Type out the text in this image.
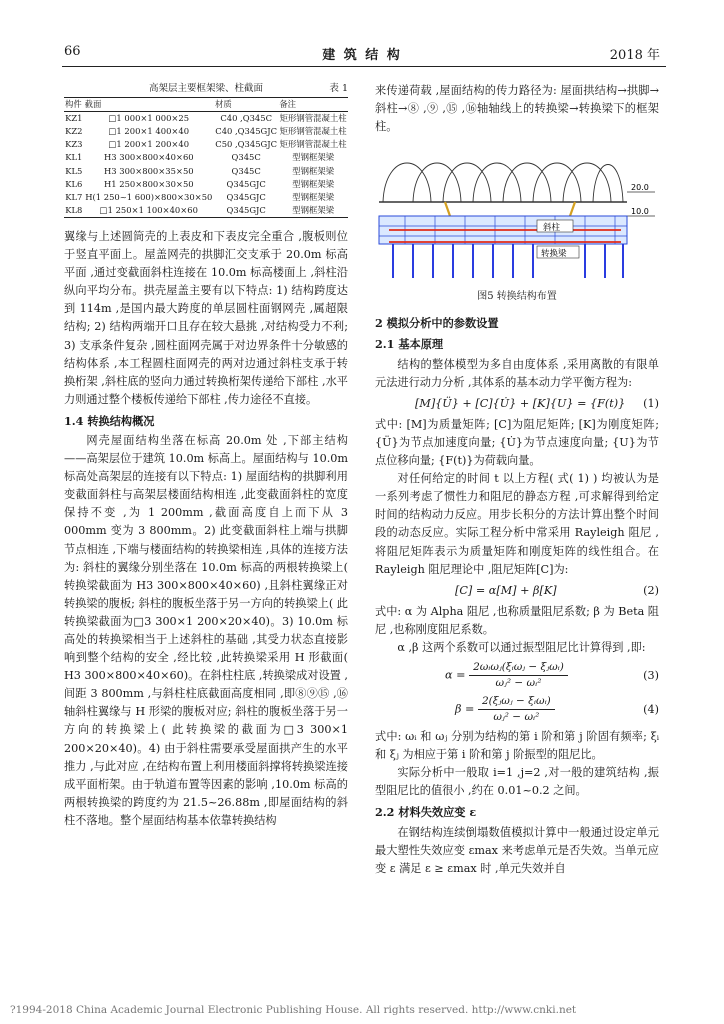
66	建 筑 结 构	2018 年
高架层主要框架梁、柱截面	表 1
构件	截面	材质	备注
KZ1	□1 000×1 000×25	C40 ,Q345C	矩形钢管混凝土柱
KZ2	□1 200×1 400×40	C40 ,Q345GJC	矩形钢管混凝土柱
KZ3	□1 200×1 200×40	C50 ,Q345GJC	矩形钢管混凝土柱
KL1	H3 300×800×40×60	Q345C	型钢框架梁
KL5	H3 300×800×35×50	Q345C	型钢框架梁
KL6	H1 250×800×30×50	Q345GJC	型钢框架梁
KL7	H(1 250~1 600)×800×30×50	Q345GJC	型钢框架梁
KL8	□1 250×1 100×40×60	Q345GJC	型钢框架梁

翼缘与上述圆筒壳的上表皮和下表皮完全重合 ,腹板则位于竖直平面上。屋盖网壳的拱脚汇交支承于 20.0m 标高平面 ,通过变截面斜柱连接在 10.0m 标高楼面上 ,斜柱沿纵向平均分布。拱壳屋盖主要有以下特点: 1) 结构跨度达到 114m ,是国内最大跨度的单层圆柱面钢网壳 ,属超限结构; 2) 结构两端开口且存在较大悬挑 ,对结构受力不利; 3) 支承条件复杂 ,圆柱面网壳属于对边界条件十分敏感的结构体系 ,本工程圆柱面网壳的两对边通过斜柱支承于转换桁架 ,斜柱底的竖向力通过转换桁架传递给下部柱 ,水平力则通过整个楼板传递给下部柱 ,传力途径不直接。

1.4 转换结构概况

网壳屋面结构坐落在标高 20.0m 处 ,下部主结构——高架层位于建筑 10.0m 标高上。屋面结构与 10.0m 标高处高架层的连接有以下特点: 1) 屋面结构的拱脚利用变截面斜柱与高架层楼面结构相连 ,此变截面斜柱的宽度保持不变 ,为 1 200mm ,截面高度自上而下从 3 000mm 变为 3 800mm。2) 此变截面斜柱上端与拱脚节点相连 ,下端与楼面结构的转换梁相连 ,具体的连接方法为: 斜柱的翼缘分别坐落在 10.0m 标高的两根转换梁上( 转换梁截面为 H3 300×800×40×60) ,且斜柱翼缘正对转换梁的腹板; 斜柱的腹板坐落于另一方向的转换梁上( 此转换梁截面为□3 300×1 200×20×40)。3) 10.0m 标高处的转换梁相当于上述斜柱的基础 ,其受力状态直接影响到整个结构的安全 ,经比较 ,此转换梁采用 H 形截面( H3 300×800×40×60)。在斜柱柱底 ,转换梁成对设置 ,间距 3 800mm ,与斜柱柱底截面高度相同 ,即⑧⑨⑮ ,⑯轴斜柱翼缘与 H 形梁的腹板对应; 斜柱的腹板坐落于另一方向的转换梁上( 此转换梁的截面为□3 300×1 200×20×40)。4) 由于斜柱需要承受屋面拱产生的水平推力 ,与此对应 ,在结构布置上利用楼面斜撑将转换梁连接成平面桁架。由于轨道布置等因素的影响 ,10.0m 标高的两根转换梁的跨度约为 21.5~26.88m ,即屋面结构的斜柱不落地。整个屋面结构基本依靠转换结构

来传递荷载 ,屋面结构的传力路径为: 屋面拱结构→拱脚→斜柱→⑧ ,⑨ ,⑮ ,⑯轴轴线上的转换梁→转换梁下的框架柱。

20.0
10.0
斜柱
转换梁

图5 转换结构布置

2 模拟分析中的参数设置

2.1 基本原理

结构的整体模型为多自由度体系 ,采用离散的有限单元法进行动力分析 ,其体系的基本动力学平衡方程为:

[M]{Ü} + [C]{U̇} + [K]{U} = {F(t)} (1)

式中: [M]为质量矩阵; [C]为阻尼矩阵; [K]为刚度矩阵; {Ü}为节点加速度向量; {U̇}为节点速度向量; {U}为节点位移向量; {F(t)}为荷载向量。

对任何给定的时间 t 以上方程( 式( 1) ) 均被认为是一系列考虑了惯性力和阻尼的静态方程 ,可求解得到给定时间的结构动力反应。用步长积分的方法计算出整个时间段的动态反应。实际工程分析中常采用 Rayleigh 阻尼 ,将阻尼矩阵表示为质量矩阵和刚度矩阵的线性组合。在 Rayleigh 阻尼理论中 ,阻尼矩阵[C]为:

[C] = α[M] + β[K]	(2)

式中: α 为 Alpha 阻尼 ,也称质量阻尼系数; β 为 Beta 阻尼 ,也称刚度阻尼系数。

α ,β 这两个系数可以通过振型阻尼比计算得到 ,即:

$\alpha = \frac{\text{2ωᵢωⱼ(ξᵢωⱼ − ξⱼωᵢ)}}{\text{ωⱼ² − ωᵢ²}}$	(3)

$\beta = \frac{\text{2(ξⱼωⱼ − ξᵢωᵢ)}}{\text{ωⱼ² − ωᵢ²}}$	(4)

式中: ωᵢ 和 ωⱼ 分别为结构的第 i 阶和第 j 阶固有频率; ξᵢ 和 ξⱼ 为相应于第 i 阶和第 j 阶振型的阻尼比。

实际分析中一般取 i=1 ,j=2 ,对一般的建筑结构 ,振型阻尼比的值很小 ,约在 0.01~0.2 之间。

2.2 材料失效应变 ε

在钢结构连续倒塌数值模拟计算中一般通过设定单元最大塑性失效应变 εmax 来考虑单元是否失效。当单元应变 ε 满足 ε ≥ εmax 时 ,单元失效并自

?1994-2018 China Academic Journal Electronic Publishing House. All rights reserved. http://www.cnki.net
